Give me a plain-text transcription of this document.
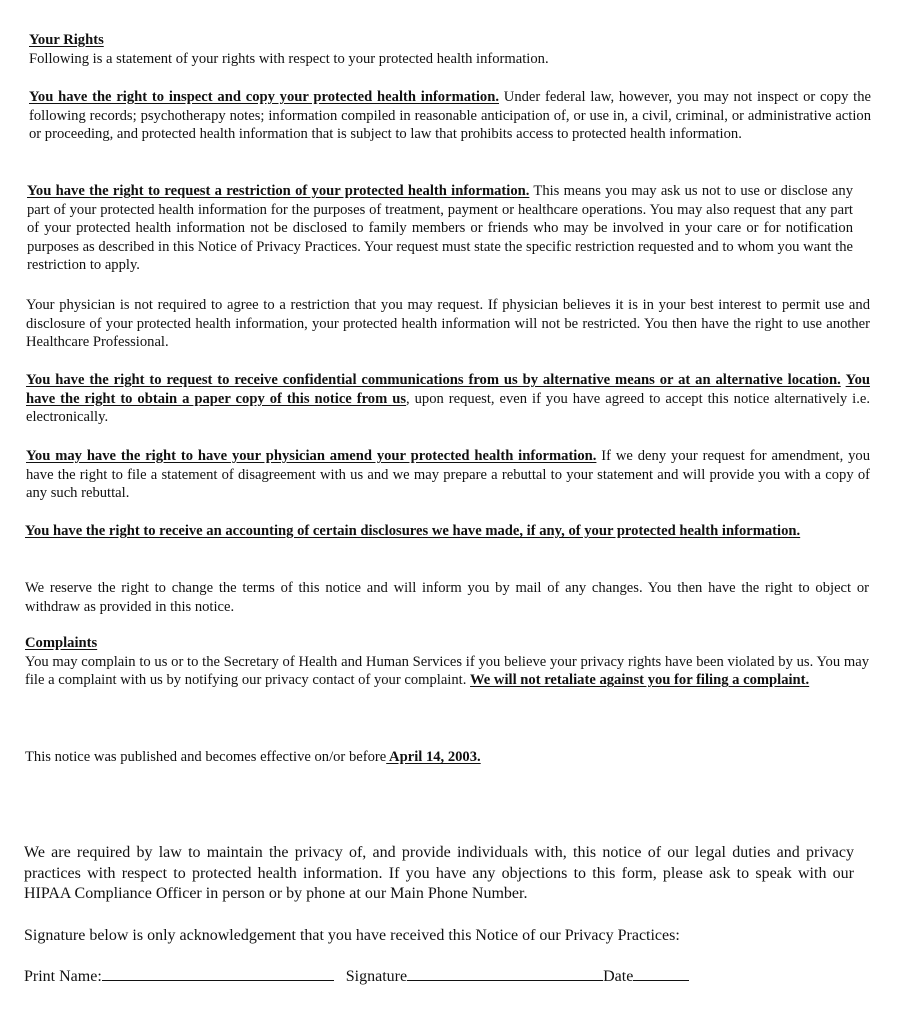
Your Rights
Following is a statement of your rights with respect to your protected health information.

You have the right to inspect and copy your protected health information. Under federal law, however, you may not inspect or copy the following records; psychotherapy notes; information compiled in reasonable anticipation of, or use in, a civil, criminal, or administrative action or proceeding, and protected health information that is subject to law that prohibits access to protected health information.

You have the right to request a restriction of your protected health information. This means you may ask us not to use or disclose any part of your protected health information for the purposes of treatment, payment or healthcare operations. You may also request that any part of your protected health information not be disclosed to family members or friends who may be involved in your care or for notification purposes as described in this Notice of Privacy Practices. Your request must state the specific restriction requested and to whom you want the restriction to apply.

Your physician is not required to agree to a restriction that you may request. If physician believes it is in your best interest to permit use and disclosure of your protected health information, your protected health information will not be restricted. You then have the right to use another Healthcare Professional.

You have the right to request to receive confidential communications from us by alternative means or at an alternative location. You have the right to obtain a paper copy of this notice from us, upon request, even if you have agreed to accept this notice alternatively i.e. electronically.

You may have the right to have your physician amend your protected health information. If we deny your request for amendment, you have the right to file a statement of disagreement with us and we may prepare a rebuttal to your statement and will provide you with a copy of any such rebuttal.

You have the right to receive an accounting of certain disclosures we have made, if any, of your protected health information.

We reserve the right to change the terms of this notice and will inform you by mail of any changes. You then have the right to object or withdraw as provided in this notice.

Complaints
You may complain to us or to the Secretary of Health and Human Services if you believe your privacy rights have been violated by us. You may file a complaint with us by notifying our privacy contact of your complaint. We will not retaliate against you for filing a complaint.

This notice was published and becomes effective on/or before April 14, 2003.

We are required by law to maintain the privacy of, and provide individuals with, this notice of our legal duties and privacy practices with respect to protected health information. If you have any objections to this form, please ask to speak with our HIPAA Compliance Officer in person or by phone at our Main Phone Number.

Signature below is only acknowledgement that you have received this Notice of our Privacy Practices:

Print Name:	Signature	Date
